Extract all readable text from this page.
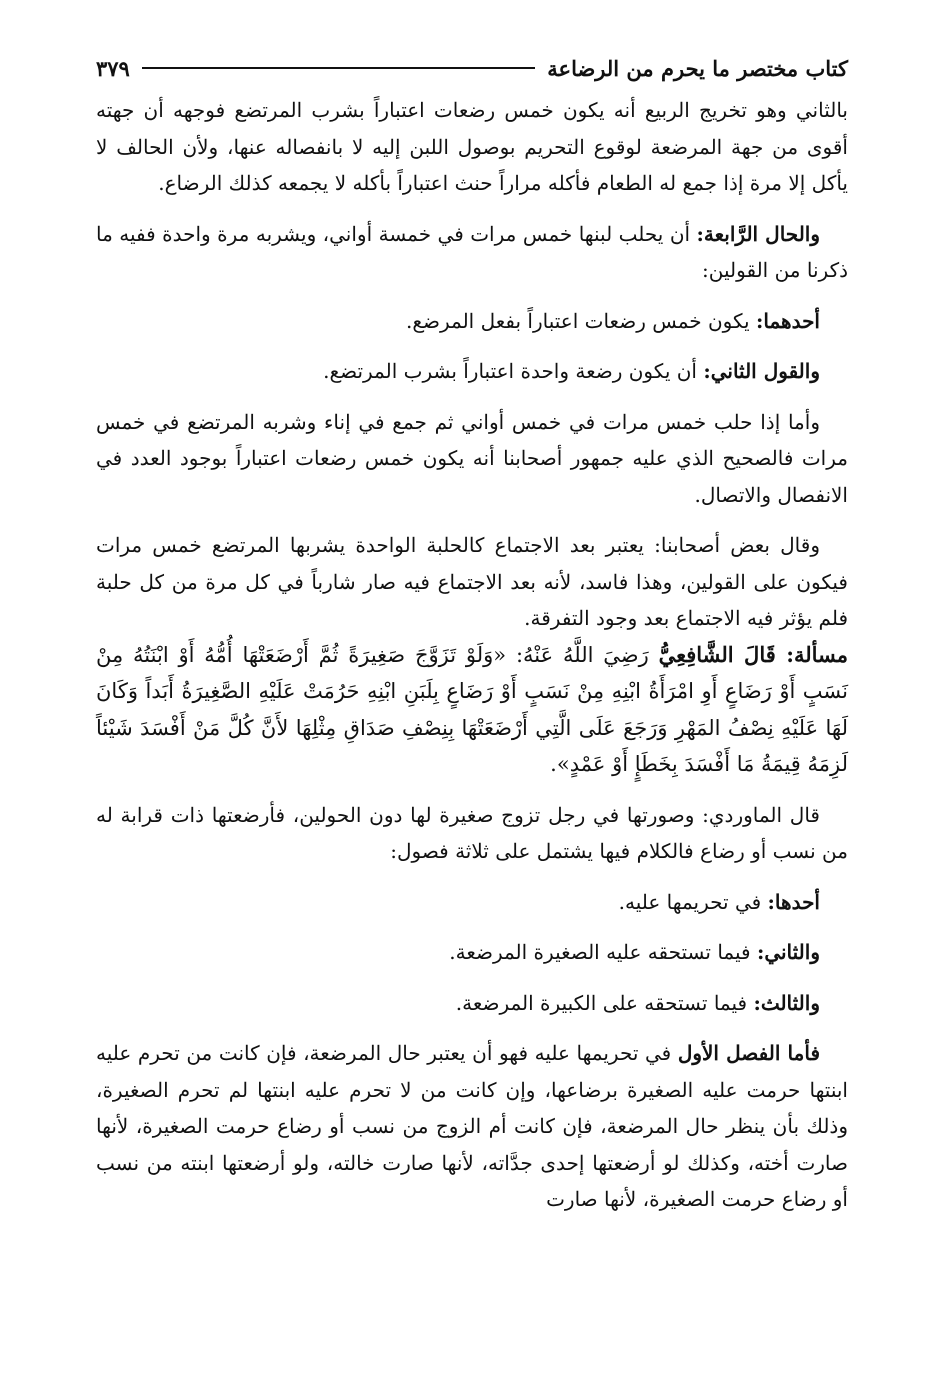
كتاب مختصر ما يحرم من الرضاعة
٣٧٩

بالثاني وهو تخريج الربيع أنه يكون خمس رضعات اعتباراً بشرب المرتضع فوجهه أن جهته أقوى من جهة المرضعة لوقوع التحريم بوصول اللبن إليه لا بانفصاله عنها، ولأن الحالف لا يأكل إلا مرة إذا جمع له الطعام فأكله مراراً حنث اعتباراً بأكله لا يجمعه كذلك الرضاع.

والحال الرَّابعة: أن يحلب لبنها خمس مرات في خمسة أواني، ويشربه مرة واحدة ففيه ما ذكرنا من القولين:

أحدهما: يكون خمس رضعات اعتباراً بفعل المرضع.

والقول الثاني: أن يكون رضعة واحدة اعتباراً بشرب المرتضع.

وأما إذا حلب خمس مرات في خمس أواني ثم جمع في إناء وشربه المرتضع في خمس مرات فالصحيح الذي عليه جمهور أصحابنا أنه يكون خمس رضعات اعتباراً بوجود العدد في الانفصال والاتصال.

وقال بعض أصحابنا: يعتبر بعد الاجتماع كالحلبة الواحدة يشربها المرتضع خمس مرات فيكون على القولين، وهذا فاسد، لأنه بعد الاجتماع فيه صار شارباً في كل مرة من كل حلبة فلم يؤثر فيه الاجتماع بعد وجود التفرقة.

مسألة: قَالَ الشَّافِعِيُّ رَضِيَ اللَّهُ عَنْهُ: «وَلَوْ تَزَوَّجَ صَغِيرَةً ثُمَّ أَرْضَعَتْهَا أُمُّهُ أَوْ ابْنَتُهُ مِنْ نَسَبٍ أَوْ رَضَاعٍ أَوِ امْرَأَةُ ابْنِهِ مِنْ نَسَبٍ أَوْ رَضَاعٍ بِلَبَنِ ابْنِهِ حَرُمَتْ عَلَيْهِ الصَّغِيرَةُ أَبَداً وَكَانَ لَهَا عَلَيْهِ نِصْفُ المَهْرِ وَرَجَعَ عَلَى الَّتِي أَرْضَعَتْهَا بِنِصْفِ صَدَاقِ مِثْلِهَا لأَنَّ كُلَّ مَنْ أَفْسَدَ شَيْئاً لَزِمَهُ قِيمَةُ مَا أَفْسَدَ بِخَطَإٍ أَوْ عَمْدٍ».

قال الماوردي: وصورتها في رجل تزوج صغيرة لها دون الحولين، فأرضعتها ذات قرابة له من نسب أو رضاع فالكلام فيها يشتمل على ثلاثة فصول:

أحدها: في تحريمها عليه.

والثاني: فيما تستحقه عليه الصغيرة المرضعة.

والثالث: فيما تستحقه على الكبيرة المرضعة.

فأما الفصل الأول في تحريمها عليه فهو أن يعتبر حال المرضعة، فإن كانت من تحرم عليه ابنتها حرمت عليه الصغيرة برضاعها، وإن كانت من لا تحرم عليه ابنتها لم تحرم الصغيرة، وذلك بأن ينظر حال المرضعة، فإن كانت أم الزوج من نسب أو رضاع حرمت الصغيرة، لأنها صارت أخته، وكذلك لو أرضعتها إحدى جدَّاته، لأنها صارت خالته، ولو أرضعتها ابنته من نسب أو رضاع حرمت الصغيرة، لأنها صارت
